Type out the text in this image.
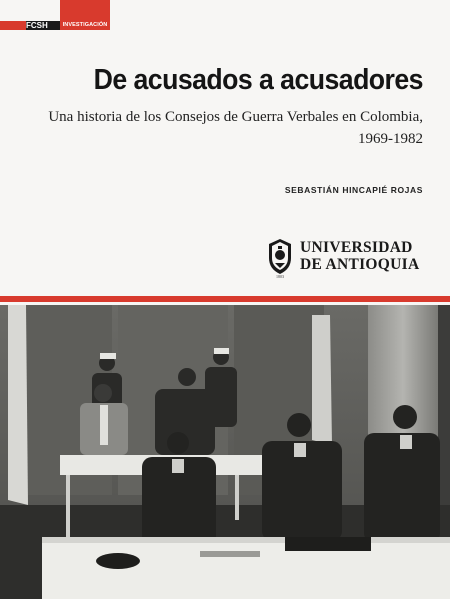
FCSH	INVESTIGACIÓN
De acusados a acusadores
Una historia de los Consejos de Guerra Verbales en Colombia,
1969-1982
SEBASTIÁN HINCAPIÉ ROJAS
1803
UNIVERSIDAD
DE ANTIOQUIA
